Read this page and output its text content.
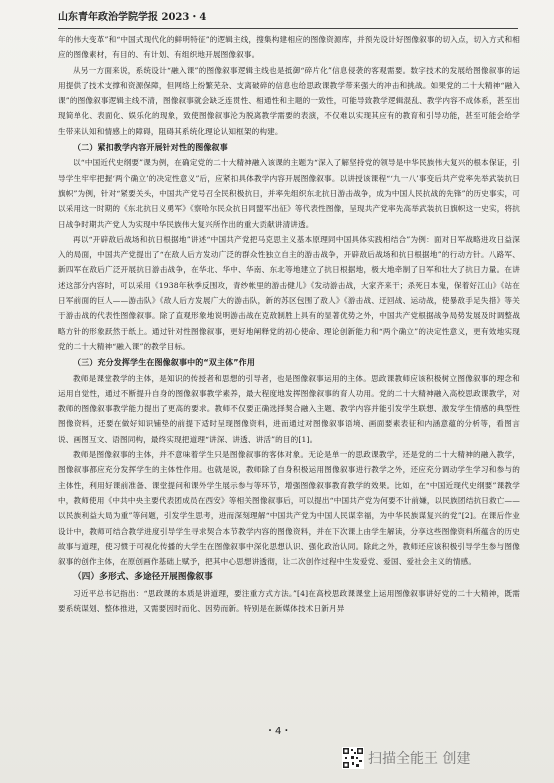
山东青年政治学院学报 2023・4

年的伟大变革”和“中国式现代化的鲜明特征”的逻辑主线，搜集构建相应的图像资源库，并预先设计好图像叙事的切入点，切入方式和相应的图像素材，有目的、有计划、有组织地开展图像叙事。

从另一方面来说，系统设计“融入课”的图像叙事逻辑主线也是抵御“碎片化”信息侵袭的客观需要。数字技术的发展给图像叙事的运用提供了技术支撑和资源保障，但网络上纷繁芜杂、支离破碎的信息也给思政课教学带来强大的冲击和挑战。如果党的二十大精神“融入课”的图像叙事逻辑主线不清，图像叙事就会缺乏连贯性、相通性和主题的一致性，可能导致教学逻辑混乱、教学内容不成体系，甚至出现简单化、表面化、娱乐化的现象，致使图像叙事沦为脱离教学需要的表演，不仅难以实现其应有的教育和引导功能，甚至可能会给学生带来认知和情感上的障碍，阻碍其系统化理论认知框架的构建。

（二）紧扣教学内容开展针对性的图像叙事

以“中国近代史纲要”课为例，在确定党的二十大精神融入该课的主题为“深入了解坚持党的领导是中华民族伟大复兴的根本保证，引导学生牢牢把握‘两个确立’的决定性意义”后，应紧扣具体教学内容开展图像叙事。以讲授该课程“‘九一八’事变后共产党率先举武装抗日旗帜”为例，针对“紧要关头，中国共产党号召全民积极抗日，并率先组织东北抗日游击战争，成为中国人民抗战的先锋”的历史事实，可以采用这一时期的《东北抗日义勇军》《察哈尔民众抗日同盟军出征》等代表性图像，呈现共产党率先高举武装抗日旗帜这一史实，将抗日战争时期共产党人为实现中华民族伟大复兴所作出的重大贡献讲清讲透。

再以“开辟敌后战场和抗日根据地”讲述“中国共产党把马克思主义基本原理同中国具体实践相结合”为例：面对日军战略进攻日益深入的局面，中国共产党提出了“在敌人后方发动广泛的群众性独立自主的游击战争，开辟敌后战场和抗日根据地”的行动方针。八路军、新四军在敌后广泛开展抗日游击战争，在华北、华中、华南、东北等地建立了抗日根据地，极大地牵制了日军和壮大了抗日力量。在讲述这部分内容时，可以采用《1938年秋季反围攻，青纱帐里的游击健儿》《发动游击战，大家齐来干；杀死日本鬼，保着好江山》《站在日军前面的巨人——游击队》《敌人后方发展广大的游击队，新的苏区包围了敌人》《游击战、迂回战、运动战，使暴敌手足失措》等关于游击战的代表性图像叙事。除了直观形象地说明游击战在克敌制胜上具有的显著优势之外，中国共产党根据战争局势发展及时调整战略方针的形象跃然于纸上。通过针对性图像叙事，更好地阐释党的初心使命、理论创新能力和“两个确立”的决定性意义，更有效地实现党的二十大精神“融入课”的教学目标。

（三）充分发挥学生在图像叙事中的“双主体”作用

教师是课堂教学的主体，是知识的传授者和思想的引导者，也是图像叙事运用的主体。思政课教师应该积极树立图像叙事的理念和运用自觉性，通过不断提升自身的图像叙事教学素养，最大程度地发挥图像叙事的育人功用。党的二十大精神融入高校思政课教学，对教师的图像叙事教学能力提出了更高的要求。教师不仅要正确选择契合融入主题、教学内容并能引发学生联想、激发学生情感的典型性图像资料，还要在做好知识铺垫的前提下适时呈现图像资料，进而通过对图像叙事语境、画面要素表征和内涵意蕴的分析等，看图言说、画图互文、语图同构，最终实现把道理“讲深、讲透、讲活”的目的[1]。

教师是图像叙事的主体，并不意味着学生只是图像叙事的客体对象。无论是单一的思政课教学，还是党的二十大精神的融入教学，图像叙事都应充分发挥学生的主体性作用。也就是说，教师除了自身积极运用图像叙事进行教学之外，还应充分调动学生学习和参与的主体性，利用好课前准备、课堂提问和课外学生展示参与等环节，增强图像叙事教育教学的效果。比如，在“中国近现代史纲要”课教学中，教师使用《中共中央主要代表团成员在西安》等相关图像叙事后，可以提出“中国共产党为何要不计前嫌，以民族团结抗日救亡——以民族利益大局为重”等问题，引发学生思考，进而深刻理解“中国共产党为中国人民谋幸福，为中华民族谋复兴的党”[2]。在课后作业设计中，教师可结合教学进度引导学生寻求契合本节教学内容的图像资料，并在下次课上由学生解读，分享这些图像资料所蕴含的历史故事与道理，使习惯于可视化传播的大学生在图像叙事中深化思想认识、强化政治认同。除此之外，教师还应该积极引导学生参与图像叙事的创作主体，在原创画作基础上赋予，把其中心思想讲透彻，让二次创作过程中生发爱党、爱国、爱社会主义的情感。

（四）多形式、多途径开展图像叙事

习近平总书记指出：“思政课的本质是讲道理，要注重方式方法。”[4]在高校思政课课堂上运用图像叙事讲好党的二十大精神，既需要系统谋划、整体推进，又需要因时而化、因势而新。特别是在新媒体技术日新月异

・4・
扫描全能王 创建
